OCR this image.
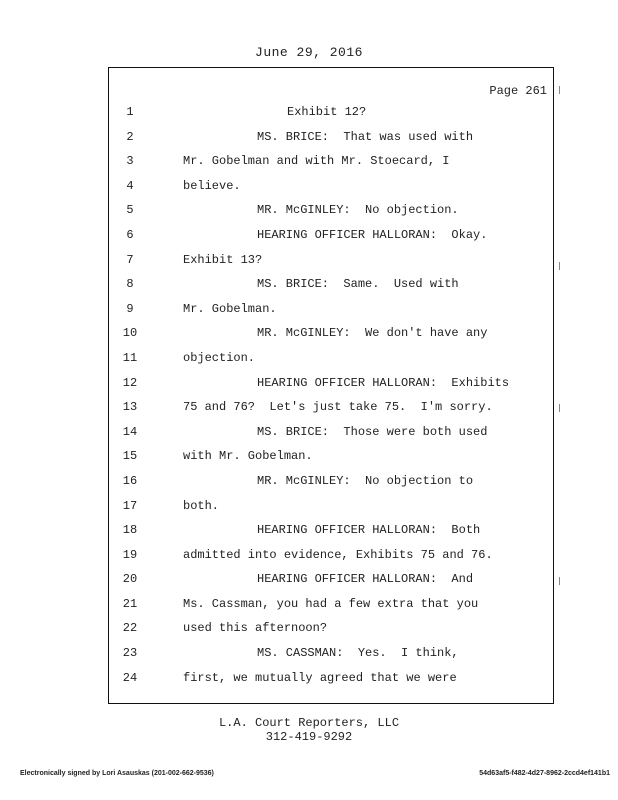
June 29, 2016
Page 261
1	Exhibit 12?
2	MS. BRICE:  That was used with
3	Mr. Gobelman and with Mr. Stoecard, I
4	believe.
5	MR. McGINLEY:  No objection.
6	HEARING OFFICER HALLORAN:  Okay.
7	Exhibit 13?
8	MS. BRICE:  Same.  Used with
9	Mr. Gobelman.
10	MR. McGINLEY:  We don't have any
11	objection.
12	HEARING OFFICER HALLORAN:  Exhibits
13	75 and 76?  Let's just take 75.  I'm sorry.
14	MS. BRICE:  Those were both used
15	with Mr. Gobelman.
16	MR. McGINLEY:  No objection to
17	both.
18	HEARING OFFICER HALLORAN:  Both
19	admitted into evidence, Exhibits 75 and 76.
20	HEARING OFFICER HALLORAN:  And
21	Ms. Cassman, you had a few extra that you
22	used this afternoon?
23	MS. CASSMAN:  Yes.  I think,
24	first, we mutually agreed that we were
L.A. Court Reporters, LLC
312-419-9292
Electronically signed by Lori Asauskas (201-002-662-9536)	54d63af5-f482-4d27-8962-2ccd4ef141b1
